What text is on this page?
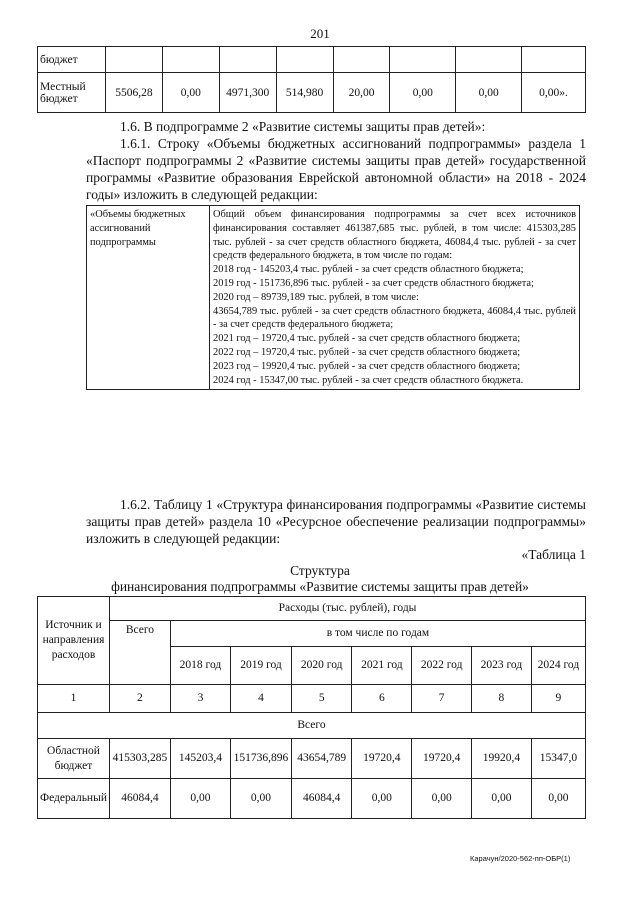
201
бюджет								
Местный бюджет	5506,28	0,00	4971,300	514,980	20,00	0,00	0,00	0,00».
1.6. В подпрограмме 2 «Развитие системы защиты прав детей»:
1.6.1. Строку «Объемы бюджетных ассигнований подпрограммы» раздела 1 «Паспорт подпрограммы 2 «Развитие системы защиты прав детей» государственной программы «Развитие образования Еврейской автономной области» на 2018 - 2024 годы» изложить в следующей редакции:
«Объемы бюджетных ассигнований подпрограммы	
Общий объем финансирования подпрограммы за счет всех источников финансирования составляет 461387,685 тыс. рублей, в том числе: 415303,285 тыс. рублей - за счет средств областного бюджета, 46084,4 тыс. рублей - за счет средств федерального бюджета, в том числе по годам:
2018 год - 145203,4 тыс. рублей - за счет средств областного бюджета;
2019 год - 151736,896 тыс. рублей - за счет средств областного бюджета;
2020 год – 89739,189 тыс. рублей, в том числе:
43654,789 тыс. рублей - за счет средств областного бюджета, 46084,4 тыс. рублей - за счет средств федерального бюджета;
2021 год – 19720,4 тыс. рублей - за счет средств областного бюджета;
2022 год – 19720,4 тыс. рублей - за счет средств областного бюджета;
2023 год – 19920,4 тыс. рублей - за счет средств областного бюджета;
2024 год - 15347,00 тыс. рублей - за счет средств областного бюджета.
1.6.2. Таблицу 1 «Структура финансирования подпрограммы «Развитие системы защиты прав детей» раздела 10 «Ресурсное обеспечение реализации подпрограммы» изложить в следующей редакции:
«Таблица 1
Структура
финансирования подпрограммы «Развитие системы защиты прав детей»
Источник и направления расходов	Расходы (тыс. рублей), годы							
	Всего	в том числе по годам						
		2018 год	2019 год	2020 год	2021 год	2022 год	2023 год	2024 год
1	2	3	4	5	6	7	8	9
Всего								
Областной бюджет	415303,285	145203,4	151736,896	43654,789	19720,4	19720,4	19920,4	15347,0
Федеральный	46084,4	0,00	0,00	46084,4	0,00	0,00	0,00	0,00
Карачун/2020-562-пп-ОБР(1)
